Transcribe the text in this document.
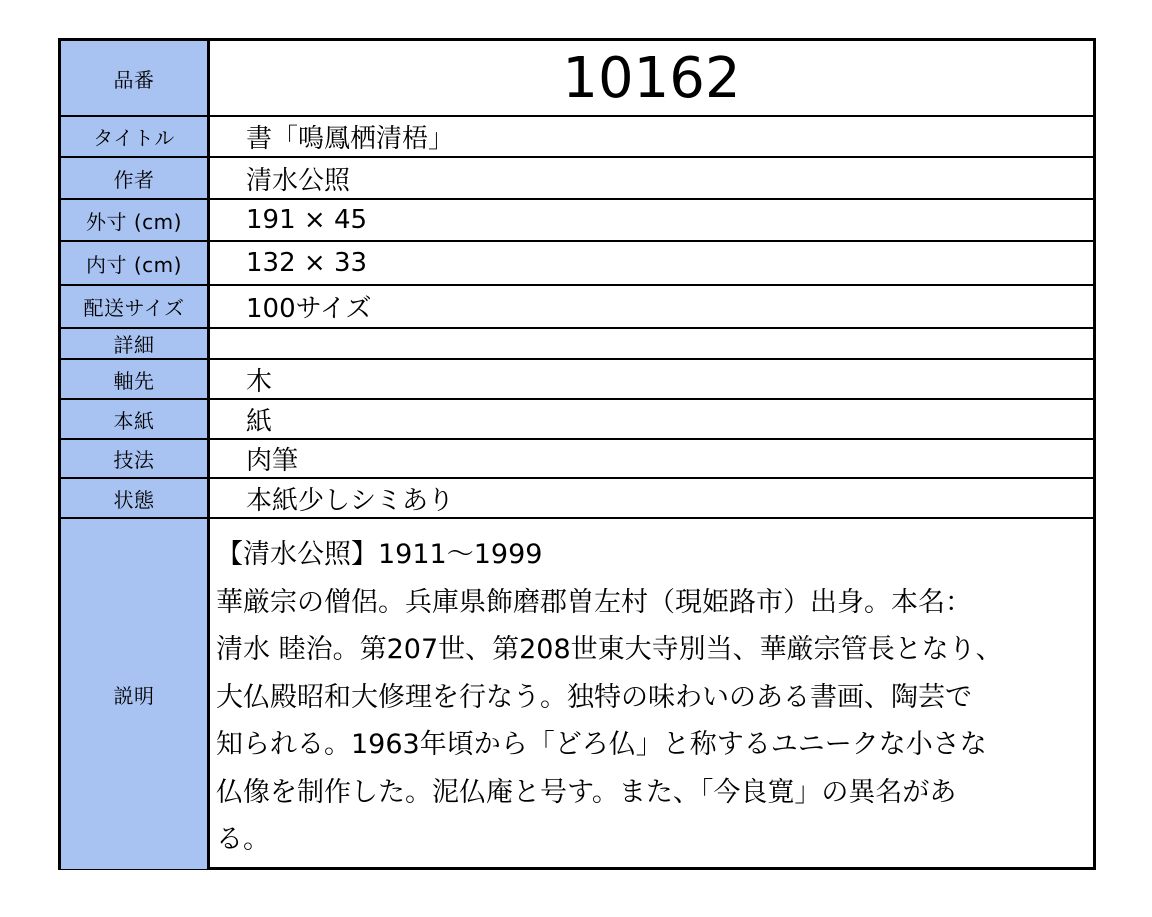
品番	10162
タイトル	書「鳴鳳栖清梧」
作者	清水公照
外寸 (cm)	191 × 45
内寸 (cm)	132 × 33
配送サイズ	100サイズ
詳細
軸先	木
本紙	紙
技法	肉筆
状態	本紙少しシミあり
説明
【清水公照】1911〜1999
華厳宗の僧侶。兵庫県飾磨郡曽左村（現姫路市）出身。本名：
清水 睦治。第207世、第208世東大寺別当、華厳宗管長となり、
大仏殿昭和大修理を行なう。独特の味わいのある書画、陶芸で
知られる。1963年頃から「どろ仏」と称するユニークな小さな
仏像を制作した。泥仏庵と号す。また、「今良寛」の異名があ
る。
